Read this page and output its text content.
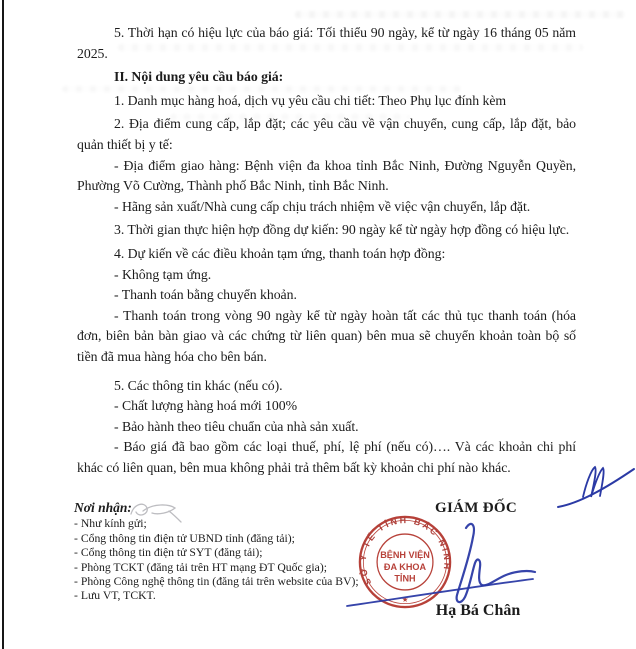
5. Thời hạn có hiệu lực của báo giá: Tối thiểu 90 ngày, kể từ ngày 16 tháng 05 năm 2025.

II. Nội dung yêu cầu báo giá:

1. Danh mục hàng hoá, dịch vụ yêu cầu chi tiết: Theo Phụ lục đính kèm

2. Địa điểm cung cấp, lắp đặt; các yêu cầu về vận chuyển, cung cấp, lắp đặt, bảo quản thiết bị y tế:

- Địa điểm giao hàng: Bệnh viện đa khoa tỉnh Bắc Ninh, Đường Nguyễn Quyền, Phường Võ Cường, Thành phố Bắc Ninh, tỉnh Bắc Ninh.

- Hãng sản xuất/Nhà cung cấp chịu trách nhiệm về việc vận chuyển, lắp đặt.

3. Thời gian thực hiện hợp đồng dự kiến: 90 ngày kể từ ngày hợp đồng có hiệu lực.

4. Dự kiến về các điều khoản tạm ứng, thanh toán hợp đồng:

- Không tạm ứng.

- Thanh toán bằng chuyển khoản.

- Thanh toán trong vòng 90 ngày kể từ ngày hoàn tất các thủ tục thanh toán (hóa đơn, biên bản bàn giao và các chứng từ liên quan) bên mua sẽ chuyển khoản toàn bộ số tiền đã mua hàng hóa cho bên bán.

5. Các thông tin khác (nếu có).

- Chất lượng hàng hoá mới 100%

- Bảo hành theo tiêu chuẩn của nhà sản xuất.

- Báo giá đã bao gồm các loại thuế, phí, lệ phí (nếu có)…. Và các khoản chi phí khác có liên quan, bên mua không phải trả thêm bất kỳ khoản chi phí nào khác.

Nơi nhận:

- Như kính gửi;

- Cổng thông tin điện tử UBND tỉnh (đăng tải);

- Cổng thông tin điện tử SYT (đăng tải);

- Phòng TCKT (đăng tải trên HT mạng ĐT Quốc gia);

- Phòng Công nghệ thông tin (đăng tải trên website của BV);

- Lưu VT, TCKT.

GIÁM ĐỐC
Hạ Bá Chân
SỞ Y TẾ TỈNH BẮC NINH
BỆNH VIỆN
ĐA KHOA
TỈNH
★
